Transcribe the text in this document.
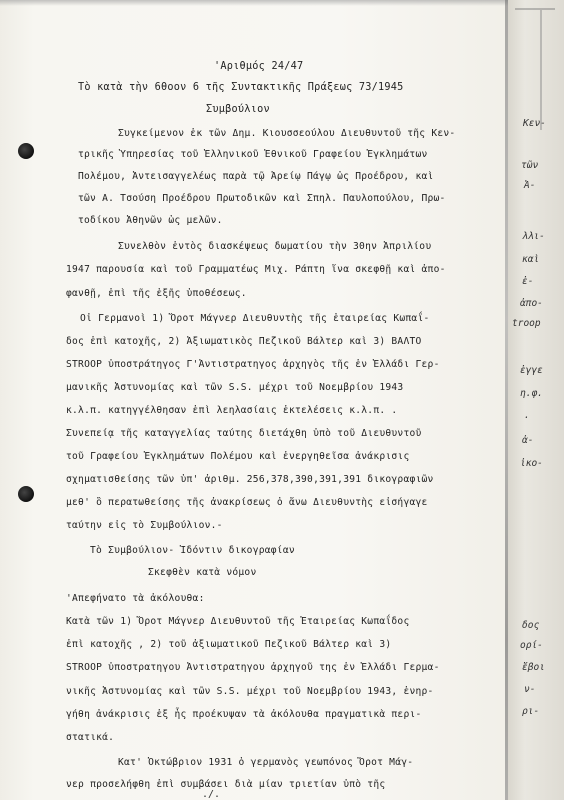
'Αριθμός 24/47
Τὸ κατὰ τὴν 6θοον 6 τῆς Συντακτικῆς Πράξεως 73/1945
Συμβούλιον
Συγκείμενον ἐκ τῶν Δημ. Κιουσσεούλου Διευθυντοῦ τῆς Κεν-
τρικῆς Ὑπηρεσίας τοῦ Ἑλληνικοῦ Ἐθνικοῦ Γραφείου Ἐγκλημάτων
Πολέμου, Ἀντεισαγγελέως παρὰ τῷ Ἀρείῳ Πάγῳ ὡς Προέδρου, καὶ
τῶν Α. Τσούση Προέδρου Πρωτοδικῶν καὶ Σπηλ. Παυλοπούλου, Πρω-
τοδίκου Ἀθηνῶν ὡς μελῶν.
Συνελθὸν ἐντὸς διασκέψεως δωματίου τὴν 30ην Ἀπριλίου
1947 παρουσία καὶ τοῦ Γραμματέως Μιχ. Ράπτη ἵνα σκεφθῇ καὶ ἀπο-
φανθῇ, ἐπὶ τῆς ἑξῆς ὑποθέσεως.
Οἱ Γερμανοὶ 1) Ὄροτ Μάγνερ Διευθυντὴς τῆς ἑταιρείας Κωπαΐ-
δος ἐπὶ κατοχῆς, 2) Ἀξιωματικὸς Πεζικοῦ Βάλτερ καὶ 3) ΒΑΛΤΟ
STROOP ὑποστράτηγος Γ'Ἀντιστρατηγος ἀρχηγὸς τῆς ἐν Ἑλλάδι Γερ-
μανικῆς Ἀστυνομίας καὶ τῶν S.S. μέχρι τοῦ Νοεμβρίου 1943
κ.λ.π. κατηγγέλθησαν ἐπὶ λεηλασίαις ἐκτελέσεις κ.λ.π. .
Συνεπείᾳ τῆς καταγγελίας ταύτης διετάχθη ὑπὸ τοῦ Διευθυντοῦ
τοῦ Γραφείου Ἐγκλημάτων Πολέμου καὶ ἐνεργηθεῖσα ἀνάκρισις
σχηματισθείσης τῶν ὑπ' ἀριθμ. 256,378,390,391,391 δικογραφιῶν
μεθ' ὃ περατωθείσης τῆς ἀνακρίσεως ὁ ἄνω Διευθυντὴς εἰσήγαγε
ταύτην εἰς τὸ Συμβούλιον.-
Τὸ Συμβούλιον- Ἰδόντιν δικογραφίαν
Σκεφθὲν κατὰ νόμον
'Απεφήνατο τὰ ἀκόλουθα:
Κατὰ τῶν 1) Ὄροτ Μάγνερ Διευθυντοῦ τῆς Ἑταιρείας Κωπαΐδος
ἐπὶ κατοχῆς , 2) τοῦ ἀξιωματικοῦ Πεζικοῦ Βάλτερ καὶ 3)
STROOP ὑποστρατηγου Ἀντιστρατηγου ἀρχηγοῦ της ἐν Ἑλλάδι Γερμα-
νικῆς Ἀστυνομίας καὶ τῶν S.S. μέχρι τοῦ Νοεμβρίου 1943, ἐνηρ-
γήθη ἀνάκρισις ἐξ ἧς προέκυψαν τὰ ἀκόλουθα πραγματικὰ περι-
στατικά.
Κατ' Ὀκτώβριον 1931 ὁ γερμανὸς γεωπόνος Ὄροτ Μάγ-
νερ προσελήφθη ἐπὶ συμβάσει διὰ μίαν τριετίαν ὑπὸ τῆς
./.
Κεν-
τῶν
Ἀ-
λλι-
καὶ
ἐ-
ἀπο-
troop
ἐγγε
η.φ.
.
ἀ-
ἰκο-
δος
ορί-
ἔβοι
ν-
ρι-
